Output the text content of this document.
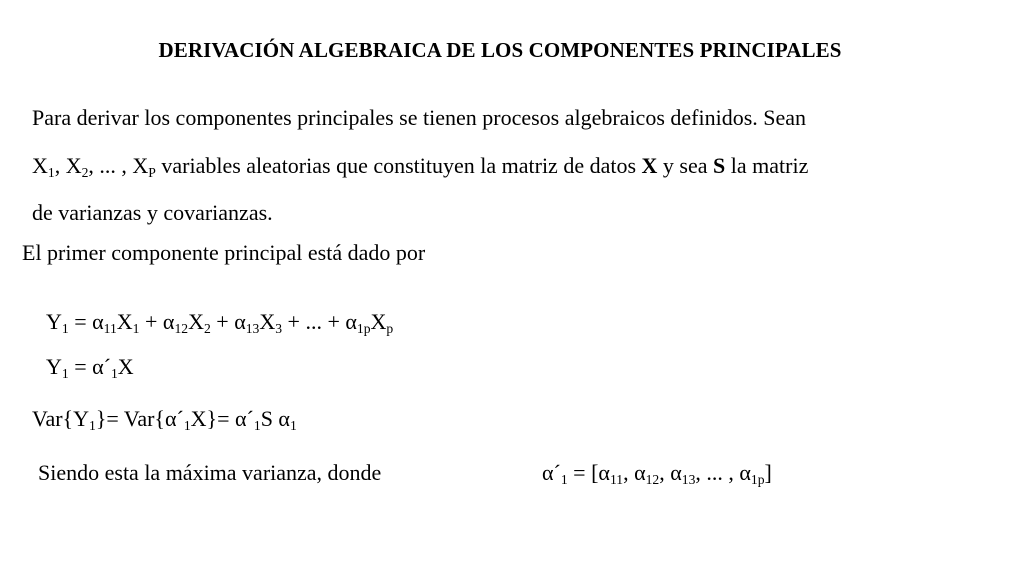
DERIVACIÓN ALGEBRAICA DE LOS COMPONENTES PRINCIPALES
Para derivar los componentes principales se tienen procesos algebraicos definidos. Sean
$X_1$, $X_2$, ... , $X_P$ variables aleatorias que constituyen la matriz de datos X y sea S la matriz
de varianzas y covarianzas.
El primer componente principal está dado por
$Y_1 = \alpha_{11}X_1 + \alpha_{12}X_2 + \alpha_{13}X_3$ + ... + $\alpha_{1p}X_p$
$Y_1$ = $\alpha´_1X$
$Var\{Y_1\}=$ $Var\{\alpha´_1X\}=$ $\alpha´_1S$ $\alpha_1$
Siendo esta la máxima varianza, donde	$\alpha´_1 = [\alpha_{11}$, $\alpha_{12}$, $\alpha_{13}$, ... , $\alpha_{1p}$]
